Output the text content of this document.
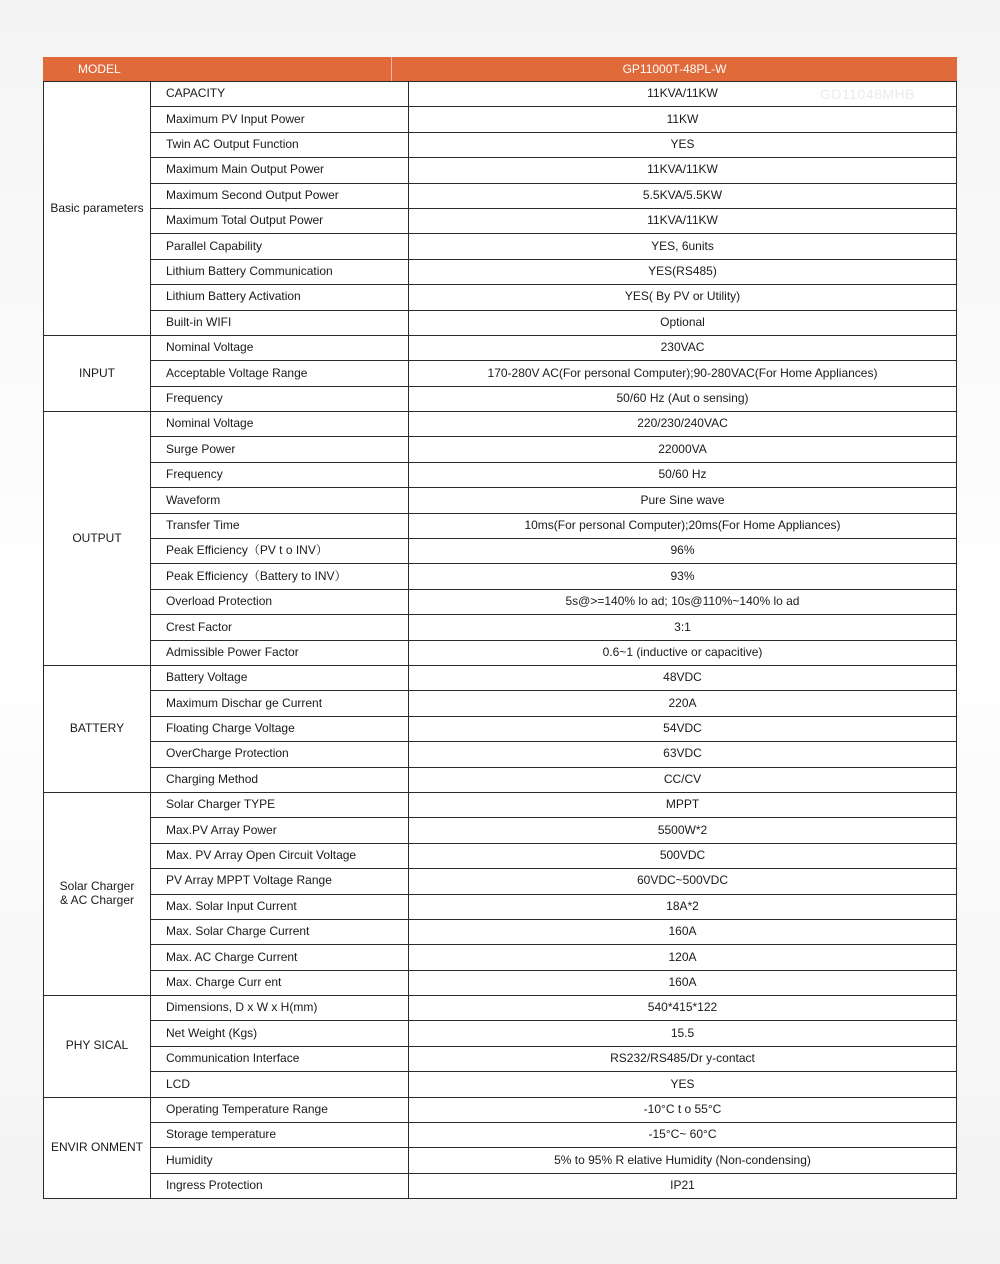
MODEL	GP11000T-48PL-W
Basic parameters	CAPACITY	11KVA/11KW
	Maximum PV Input Power	11KW
	Twin AC Output Function	YES
	Maximum Main Output Power	11KVA/11KW
	Maximum Second Output Power	5.5KVA/5.5KW
	Maximum Total Output Power	11KVA/11KW
	Parallel Capability	YES, 6units
	Lithium Battery Communication	YES(RS485)
	Lithium Battery Activation	YES( By PV or Utility)
	Built-in WIFI	Optional
INPUT	Nominal Voltage	230VAC
	Acceptable Voltage Range	170-280V AC(For personal Computer);90-280VAC(For Home Appliances)
	Frequency	50/60 Hz (Aut o sensing)
OUTPUT	Nominal Voltage	220/230/240VAC
	Surge Power	22000VA
	Frequency	50/60 Hz
	Waveform	Pure Sine wave
	Transfer Time	10ms(For personal Computer);20ms(For Home Appliances)
	Peak Efficiency（PV t o INV）	96%
	Peak Efficiency（Battery to INV）	93%
	Overload Protection	5s@>=140% lo ad; 10s@110%~140% lo ad
	Crest Factor	3:1
	Admissible Power Factor	0.6~1 (inductive or capacitive)
BATTERY	Battery Voltage	48VDC
	Maximum Dischar ge Current	220A
	Floating Charge Voltage	54VDC
	OverCharge Protection	63VDC
	Charging Method	CC/CV
Solar Charger
& AC Charger	Solar Charger TYPE	MPPT
	Max.PV Array Power	5500W*2
	Max. PV Array Open Circuit Voltage	500VDC
	PV Array MPPT Voltage Range	60VDC~500VDC
	Max. Solar Input Current	18A*2
	Max. Solar Charge Current	160A
	Max. AC Charge Current	120A
	Max. Charge Curr ent	160A
PHY SICAL	Dimensions, D x W x H(mm)	540*415*122
	Net Weight (Kgs)	15.5
	Communication Interface	RS232/RS485/Dr y-contact
	LCD	YES
ENVIR ONMENT	Operating Temperature Range	-10°C t o 55°C
	Storage temperature	-15°C~ 60°C
	Humidity	5% to 95% R elative Humidity (Non-condensing)
	Ingress Protection	IP21
GD11048MHB
